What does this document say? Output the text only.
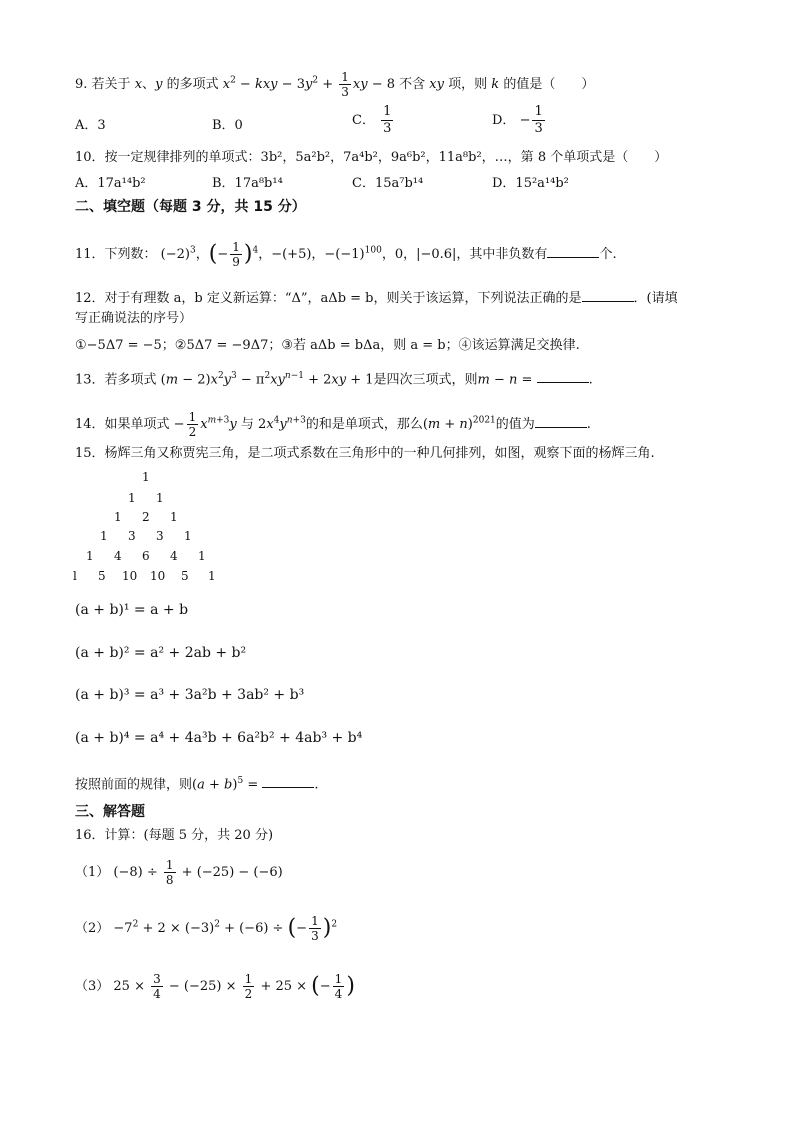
9. 若关于 x、y 的多项式 $x^2$ − kxy − $3y^2 + \frac{1}{3}$ xy − 8 不含 xy 项，则 k 的值是（　　）
A．3	B．0	C． $\frac{1}{3}$	D． − $\frac{1}{3}$
10．按一定规律排列的单项式：3b²，5a²b²，7a⁴b²，9a⁶b²，11a⁸b²，…，第 8 个单项式是（　　）
A．17a¹⁴b²	B．17a⁸b¹⁴	C．15a⁷b¹⁴	D．15²a¹⁴b²
二、填空题（每题 3 分，共 15 分）
11．下列数： $(-2)^3$，(− $\frac{1}{9} )^4$，−(+5)，$-(-1)^{100}$，0，|−0.6|，其中非负数有	个.
12．对于有理数 a，b 定义新运算：“Δ”，aΔb = b，则关于该运算，下列说法正确的是	．(请填
写正确说法的序号）
①−5Δ7 = −5；②5Δ7 = −9Δ7；③若 aΔb = bΔa，则 a = b；④该运算满足交换律.
13．若多项式 $(m - 2)x^2y^3 - \pi^2xy^{n-1} + 2xy + 1$是四次三项式，则m − n =	.
14．如果单项式 − $\frac{1}{2} x^{m+3}y$ 与 $2x^4y^{n+3}$的和是单项式，那么$(m + n)^{2021}$的值为	.
15．杨辉三角又称贾宪三角，是二项式系数在三角形中的一种几何排列，如图，观察下面的杨辉三角.
1
1 1
1 2 1
1 3 3 1
1 4 6 4 1
l 5 10 10 5 1
(a + b)¹ = a + b
(a + b)² = a² + 2ab + b²
(a + b)³ = a³ + 3a²b + 3ab² + b³
(a + b)⁴ = a⁴ + 4a³b + 6a²b² + 4ab³ + b⁴
按照前面的规律，则$(a + b)^5$ =	.
三、解答题
16．计算：(每题 5 分，共 20 分)
（1） $(-8) \div \frac{1}{8} + (-25) - (-6)$
$(2) -7^2 + 2 \times (-3)^2 + (-6)$ ÷ (− $\frac{1}{3} )^2$
（3） $25 \times \frac{3}{4} - (-25) \times \frac{1}{2} + 25$ × (− $\frac{1}{4}$ )
